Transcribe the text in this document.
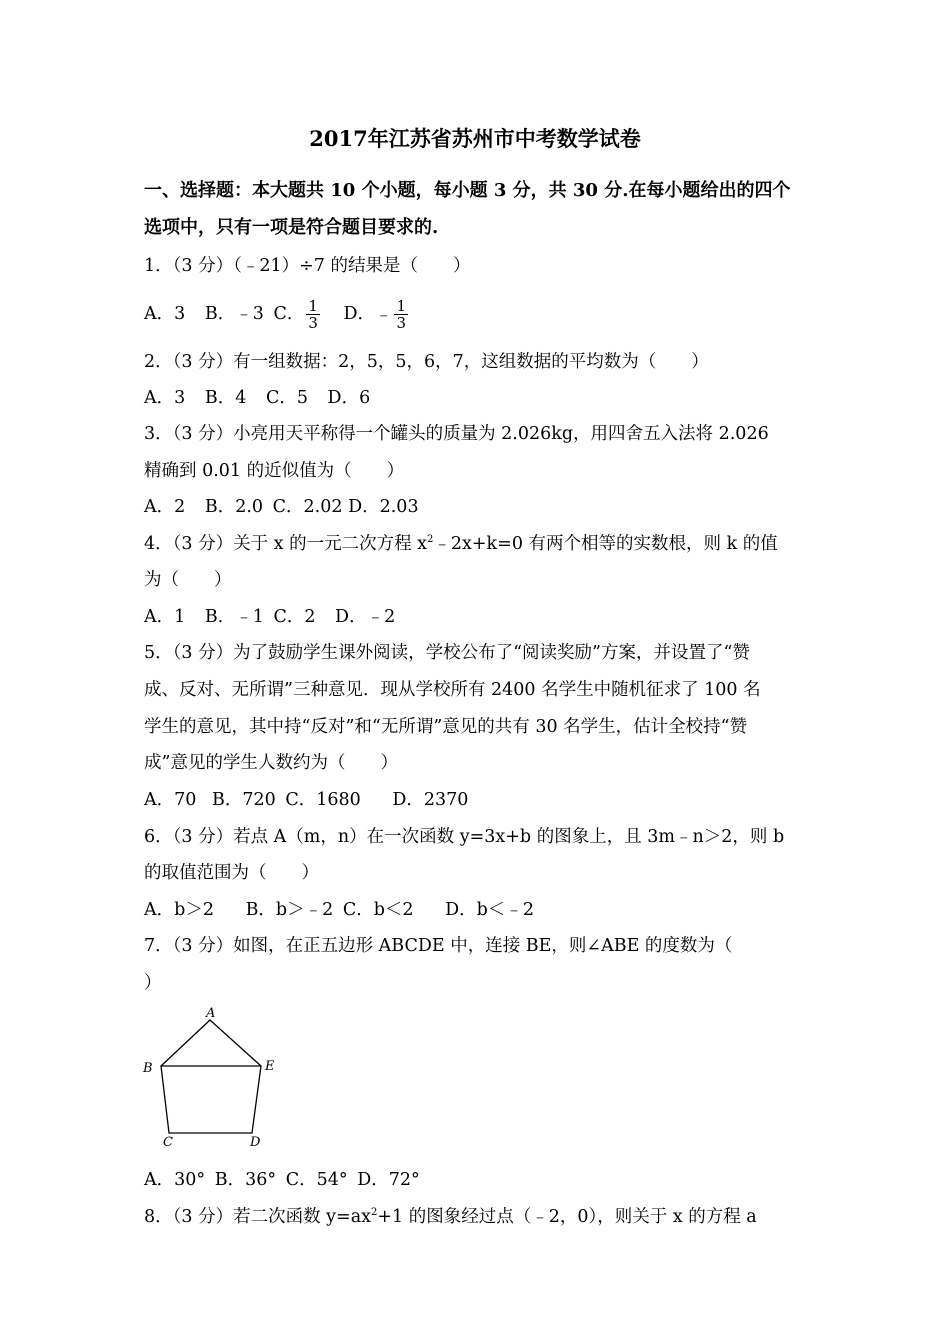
2017年江苏省苏州市中考数学试卷
一、选择题：本大题共 10 个小题，每小题 3 分，共 30 分.在每小题给出的四个
选项中，只有一项是符合题目要求的.
1．（3 分）（﹣21）÷7 的结果是（　　）
A．3 B．﹣3 C． $\frac{1}{3}$ D．﹣ $\frac{1}{3}$
2．（3 分）有一组数据：2，5，5，6，7，这组数据的平均数为（　　）
A．3 B．4 C．5 D．6
3．（3 分）小亮用天平称得一个罐头的质量为 2.026kg，用四舍五入法将 2.026
精确到 0.01 的近似值为（　　）
A．2 B．2.0 C．2.02 D．2.03
4．（3 分）关于 x 的一元二次方程 $x^2﹣2x+k=0$ 有两个相等的实数根，则 k 的值
为（　　）
A．1 B．﹣1 C．2 D．﹣2
5．（3 分）为了鼓励学生课外阅读，学校公布了“阅读奖励”方案，并设置了“赞
成、反对、无所谓”三种意见．现从学校所有 2400 名学生中随机征求了 100 名
学生的意见，其中持“反对”和“无所谓”意见的共有 30 名学生，估计全校持“赞
成”意见的学生人数约为（　　）
A．70 B．720 C．1680 D．2370
6．（3 分）若点 A（m，n）在一次函数 y=3x+b 的图象上，且 3m﹣n＞2，则 b
的取值范围为（　　）
A．b＞2 B．b＞﹣2 C．b＜2 D．b＜﹣2
7．（3 分）如图，在正五边形 ABCDE 中，连接 BE，则∠ABE 的度数为（
）
A
B
C	D
E
A．30° B．36° C．54° D．72°
8．（3 分）若二次函数 $y=ax^2+1$ 的图象经过点（﹣2，0），则关于 x 的方程 a
